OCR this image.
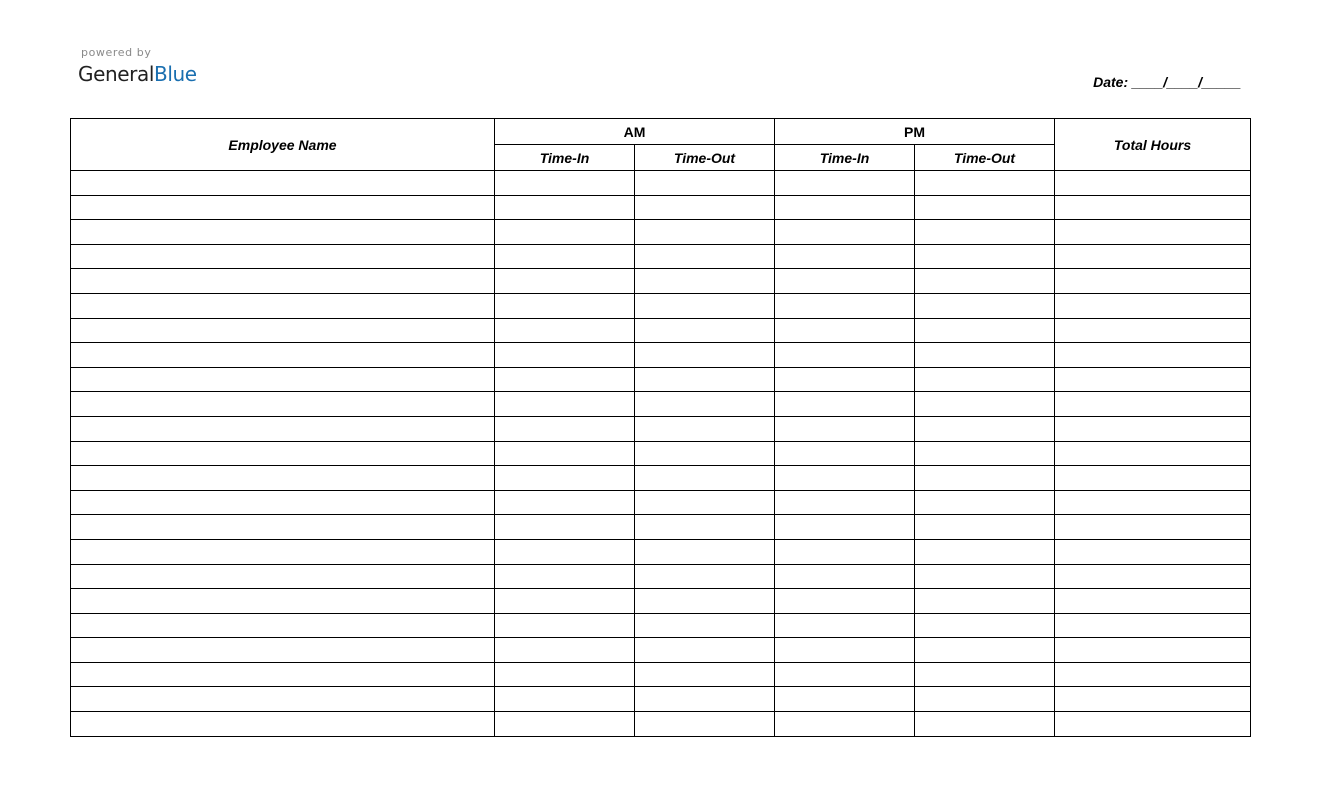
powered by
GeneralBlue	Date: ____/____/_____
Employee Name	AM		PM		Total Hours
	Time-In	Time-Out	Time-In	Time-Out	
